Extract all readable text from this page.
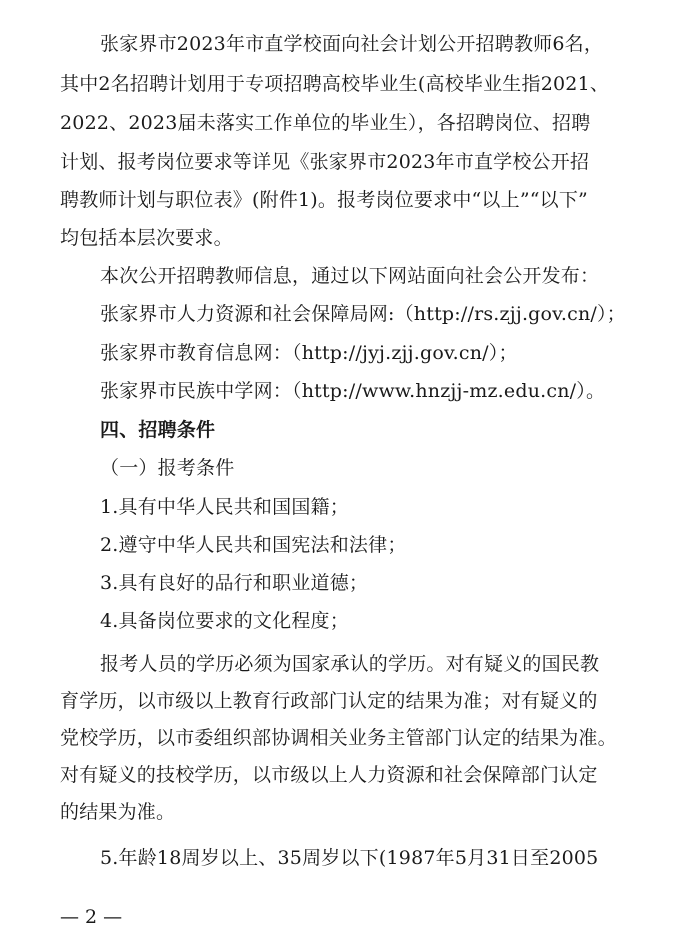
张家界市2023年市直学校面向社会计划公开招聘教师6名，
其中2名招聘计划用于专项招聘高校毕业生(高校毕业生指2021、
2022、2023届未落实工作单位的毕业生），各招聘岗位、招聘
计划、报考岗位要求等详见《张家界市2023年市直学校公开招
聘教师计划与职位表》(附件1)。报考岗位要求中“以上”“以下”
均包括本层次要求。
本次公开招聘教师信息，通过以下网站面向社会公开发布：
张家界市人力资源和社会保障局网:（http://rs.zjj.gov.cn/）；
张家界市教育信息网：（http://jyj.zjj.gov.cn/）；
张家界市民族中学网：（http://www.hnzjj-mz.edu.cn/）。
四、招聘条件
（一）报考条件
1.具有中华人民共和国国籍；
2.遵守中华人民共和国宪法和法律；
3.具有良好的品行和职业道德；
4.具备岗位要求的文化程度；
报考人员的学历必须为国家承认的学历。对有疑义的国民教
育学历，以市级以上教育行政部门认定的结果为准；对有疑义的
党校学历，以市委组织部协调相关业务主管部门认定的结果为准。
对有疑义的技校学历，以市级以上人力资源和社会保障部门认定
的结果为准。
5.年龄18周岁以上、35周岁以下(1987年5月31日至2005
— 2 —
